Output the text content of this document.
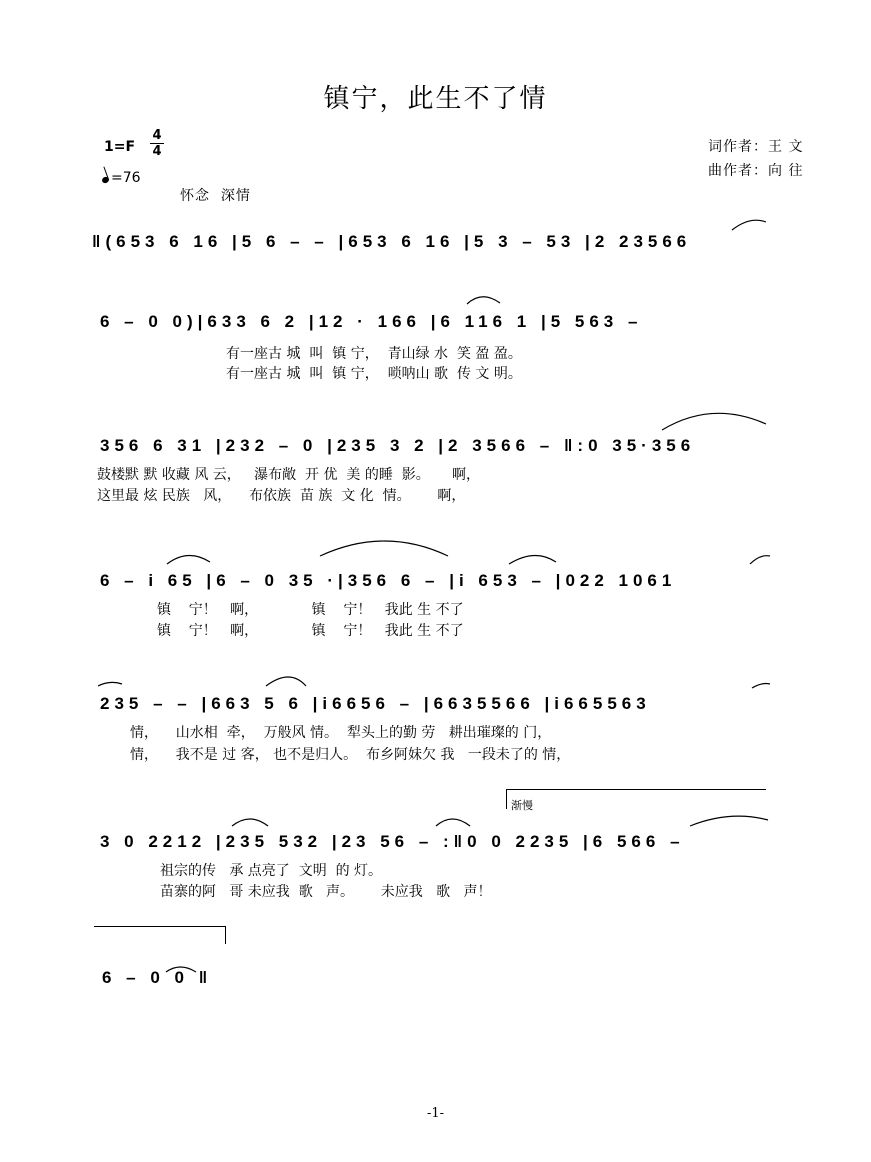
镇宁，此生不了情
$1=F \frac{4}{4}$
=76
怀念  深情
词作者：王 文
曲作者：向 往
‖(653 6 16 |5 6 – – |653 6 16 |5 3 – 53 |2 23566
6 – 0 0)|633 6 2 |12 · 166 |6 116 1 |5 563 –
有一座古 城  叫  镇 宁，  青山绿 水  笑 盈 盈。
有一座古 城  叫  镇 宁，  唢呐山 歌  传 文 明。
356 6 31 |232 – 0 |235 3 2 |2 3566 – ‖:0 35·356
鼓楼默 默 收藏 风 云，   瀑布敞  开 优  美 的睡  影。     啊，
这里最 炫 民族   风，    布依族  苗 族  文 化  情。      啊，
6 – i 65 |6 – 0 35 ·|356 6 – |i 653 – |022 1061
镇    宁！   啊，            镇    宁！   我此 生 不了
镇    宁！   啊，            镇    宁！   我此 生 不了
235 – – |663 5 6 |i6656 – |6635566 |i665563
情，    山水相  牵，  万般风 情。  犁头上的勤 劳   耕出璀璨的 门，
情，    我不是 过 客， 也不是归人。  布乡阿妹欠 我   一段未了的 情，
渐慢
3 0 2212 |235 532 |23 56 – :‖0 0 2235 |6 566 –
祖宗的传   承 点亮了  文明  的 灯。
苗寨的阿   哥 未应我  歌   声。      未应我   歌   声！
6 – 0 0 ‖
-1-
